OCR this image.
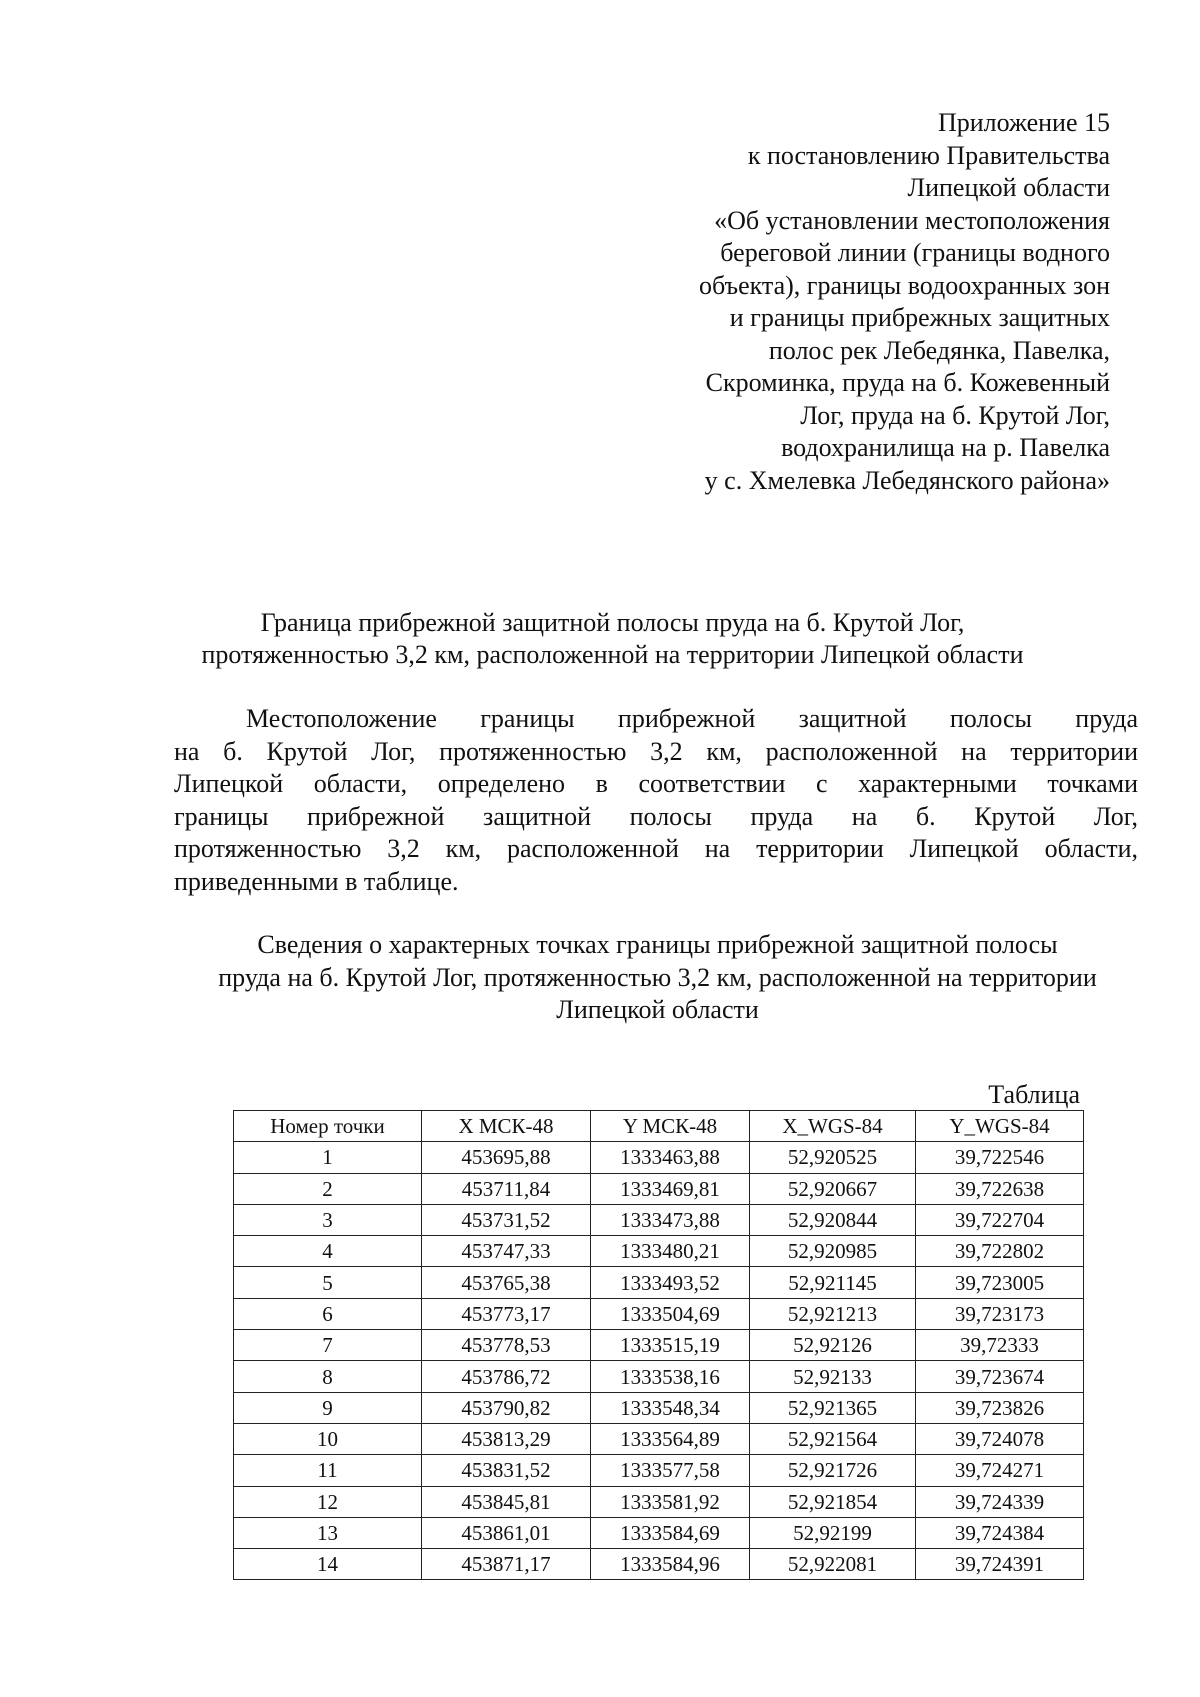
Приложение 15
к постановлению Правительства
Липецкой области
«Об установлении местоположения
береговой линии (границы водного
объекта), границы водоохранных зон
и границы прибрежных защитных
полос рек Лебедянка, Павелка,
Скроминка, пруда на б. Кожевенный
Лог, пруда на б. Крутой Лог,
водохранилища на р. Павелка
у с. Хмелевка Лебедянского района»
Граница прибрежной защитной полосы пруда на б. Крутой Лог,
протяженностью 3,2 км, расположенной на территории Липецкой области
Местоположение границы прибрежной защитной полосы пруда
на б. Крутой Лог, протяженностью 3,2 км, расположенной на территории
Липецкой области, определено в соответствии с характерными точками
границы прибрежной защитной полосы пруда на б. Крутой Лог,
протяженностью 3,2 км, расположенной на территории Липецкой области,
приведенными в таблице.
Сведения о характерных точках границы прибрежной защитной полосы
пруда на б. Крутой Лог, протяженностью 3,2 км, расположенной на территории
Липецкой области
Таблица
Номер точки	X МСК-48	Y МСК-48	X_WGS-84	Y_WGS-84
1	453695,88	1333463,88	52,920525	39,722546
2	453711,84	1333469,81	52,920667	39,722638
3	453731,52	1333473,88	52,920844	39,722704
4	453747,33	1333480,21	52,920985	39,722802
5	453765,38	1333493,52	52,921145	39,723005
6	453773,17	1333504,69	52,921213	39,723173
7	453778,53	1333515,19	52,92126	39,72333
8	453786,72	1333538,16	52,92133	39,723674
9	453790,82	1333548,34	52,921365	39,723826
10	453813,29	1333564,89	52,921564	39,724078
11	453831,52	1333577,58	52,921726	39,724271
12	453845,81	1333581,92	52,921854	39,724339
13	453861,01	1333584,69	52,92199	39,724384
14	453871,17	1333584,96	52,922081	39,724391
